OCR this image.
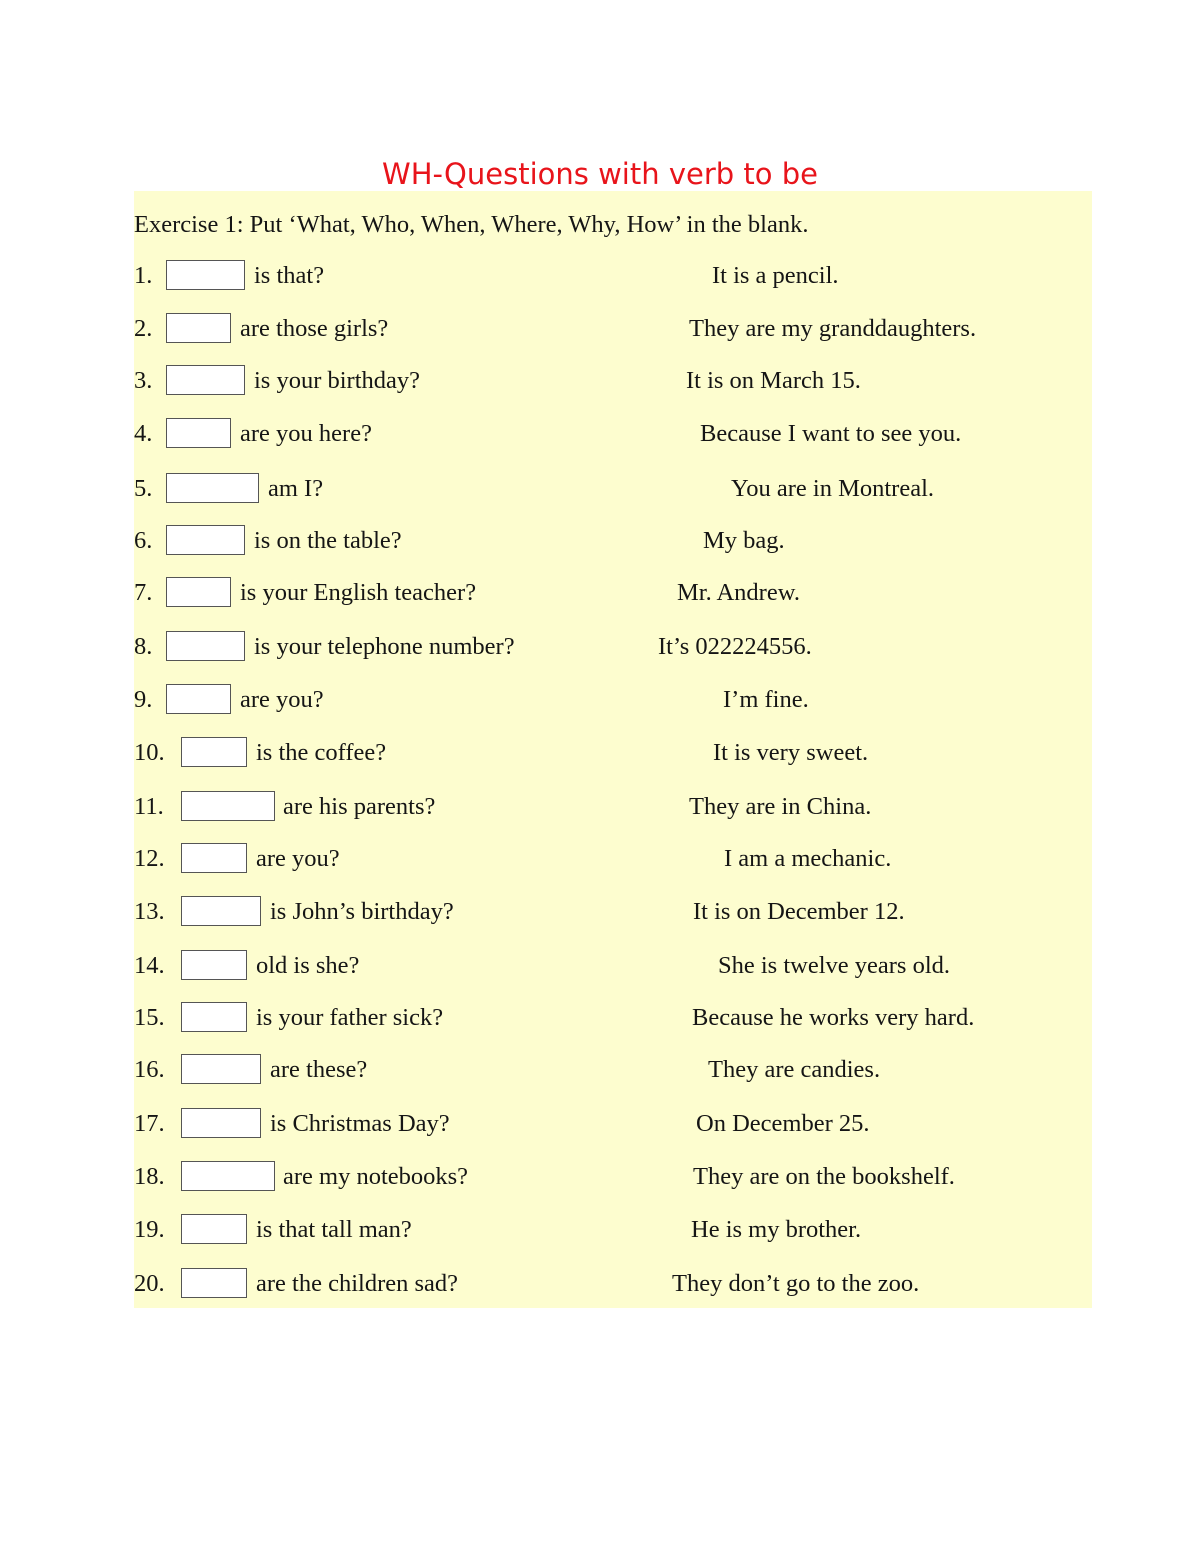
WH-Questions with verb to be
Exercise 1: Put ‘What, Who, When, Where, Why, How’ in the blank.
1.	is that?	It is a pencil.
2.	are those girls?	They are my granddaughters.
3.	is your birthday?	It is on March 15.
4.	are you here?	Because I want to see you.
5.	am I?	You are in Montreal.
6.	is on the table?	My bag.
7.	is your English teacher?	Mr. Andrew.
8.	is your telephone number?	It’s 022224556.
9.	are you?	I’m fine.
10.	is the coffee?	It is very sweet.
11.	are his parents?	They are in China.
12.	are you?	I am a mechanic.
13.	is John’s birthday?	It is on December 12.
14.	old is she?	She is twelve years old.
15.	is your father sick?	Because he works very hard.
16.	are these?	They are candies.
17.	is Christmas Day?	On December 25.
18.	are my notebooks?	They are on the bookshelf.
19.	is that tall man?	He is my brother.
20.	are the children sad?	They don’t go to the zoo.
